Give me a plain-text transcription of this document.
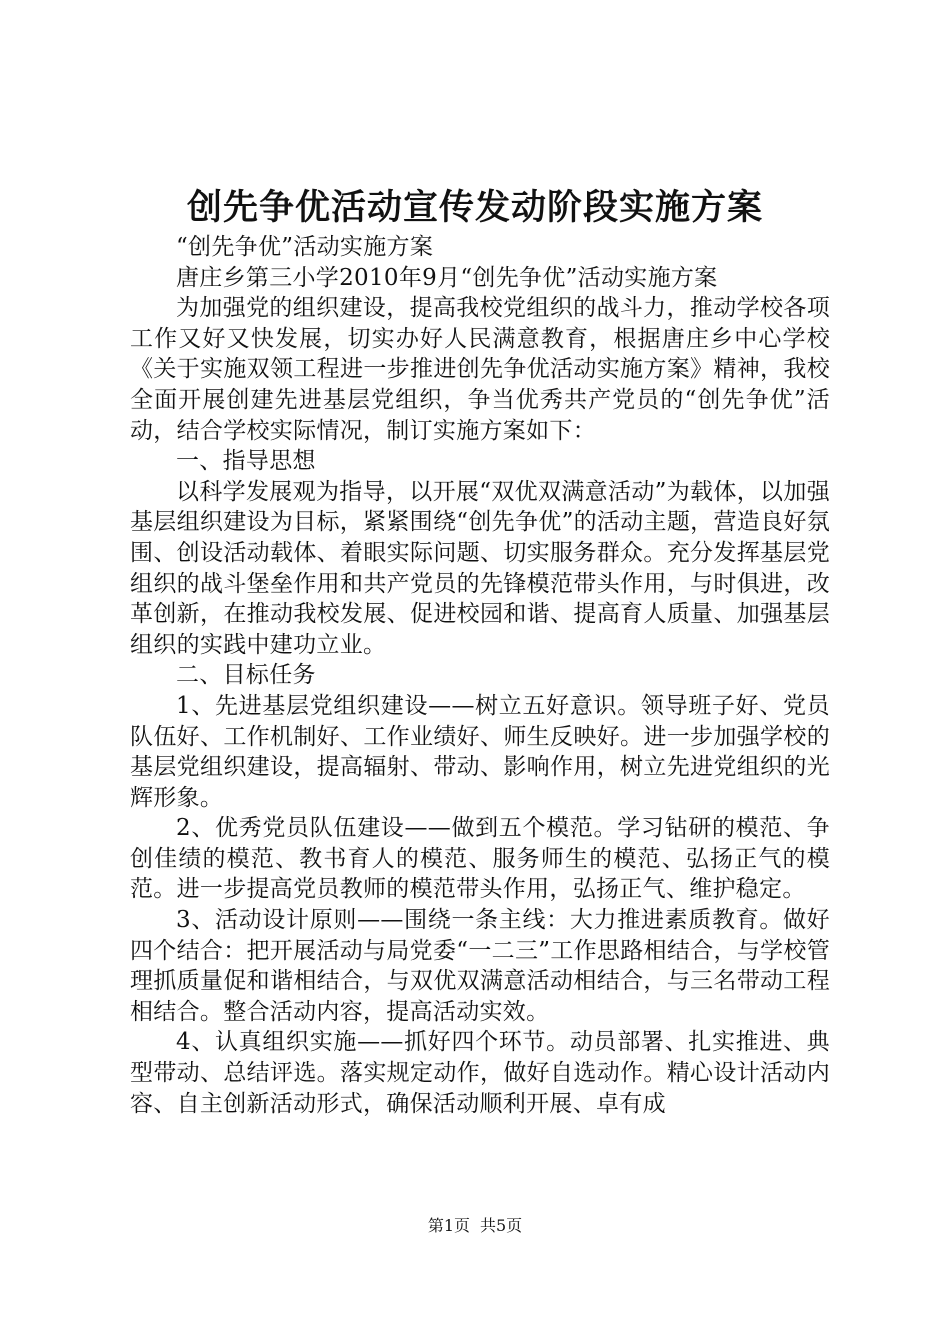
创先争优活动宣传发动阶段实施方案

“创先争优”活动实施方案

唐庄乡第三小学2010年9月“创先争优”活动实施方案

为加强党的组织建设，提高我校党组织的战斗力，推动学校各项工作又好又快发展，切实办好人民满意教育，根据唐庄乡中心学校《关于实施双领工程进一步推进创先争优活动实施方案》精神，我校全面开展创建先进基层党组织，争当优秀共产党员的“创先争优”活动，结合学校实际情况，制订实施方案如下：

一、指导思想

以科学发展观为指导，以开展“双优双满意活动”为载体，以加强基层组织建设为目标，紧紧围绕“创先争优”的活动主题，营造良好氛围、创设活动载体、着眼实际问题、切实服务群众。充分发挥基层党组织的战斗堡垒作用和共产党员的先锋模范带头作用，与时俱进，改革创新，在推动我校发展、促进校园和谐、提高育人质量、加强基层组织的实践中建功立业。

二、目标任务

1、先进基层党组织建设——树立五好意识。领导班子好、党员队伍好、工作机制好、工作业绩好、师生反映好。进一步加强学校的基层党组织建设，提高辐射、带动、影响作用，树立先进党组织的光辉形象。

2、优秀党员队伍建设——做到五个模范。学习钻研的模范、争创佳绩的模范、教书育人的模范、服务师生的模范、弘扬正气的模范。进一步提高党员教师的模范带头作用，弘扬正气、维护稳定。

3、活动设计原则——围绕一条主线：大力推进素质教育。做好四个结合：把开展活动与局党委“一二三”工作思路相结合，与学校管理抓质量促和谐相结合，与双优双满意活动相结合，与三名带动工程相结合。整合活动内容，提高活动实效。

4、认真组织实施——抓好四个环节。动员部署、扎实推进、典型带动、总结评选。落实规定动作，做好自选动作。精心设计活动内容、自主创新活动形式，确保活动顺利开展、卓有成

第1页 共5页
